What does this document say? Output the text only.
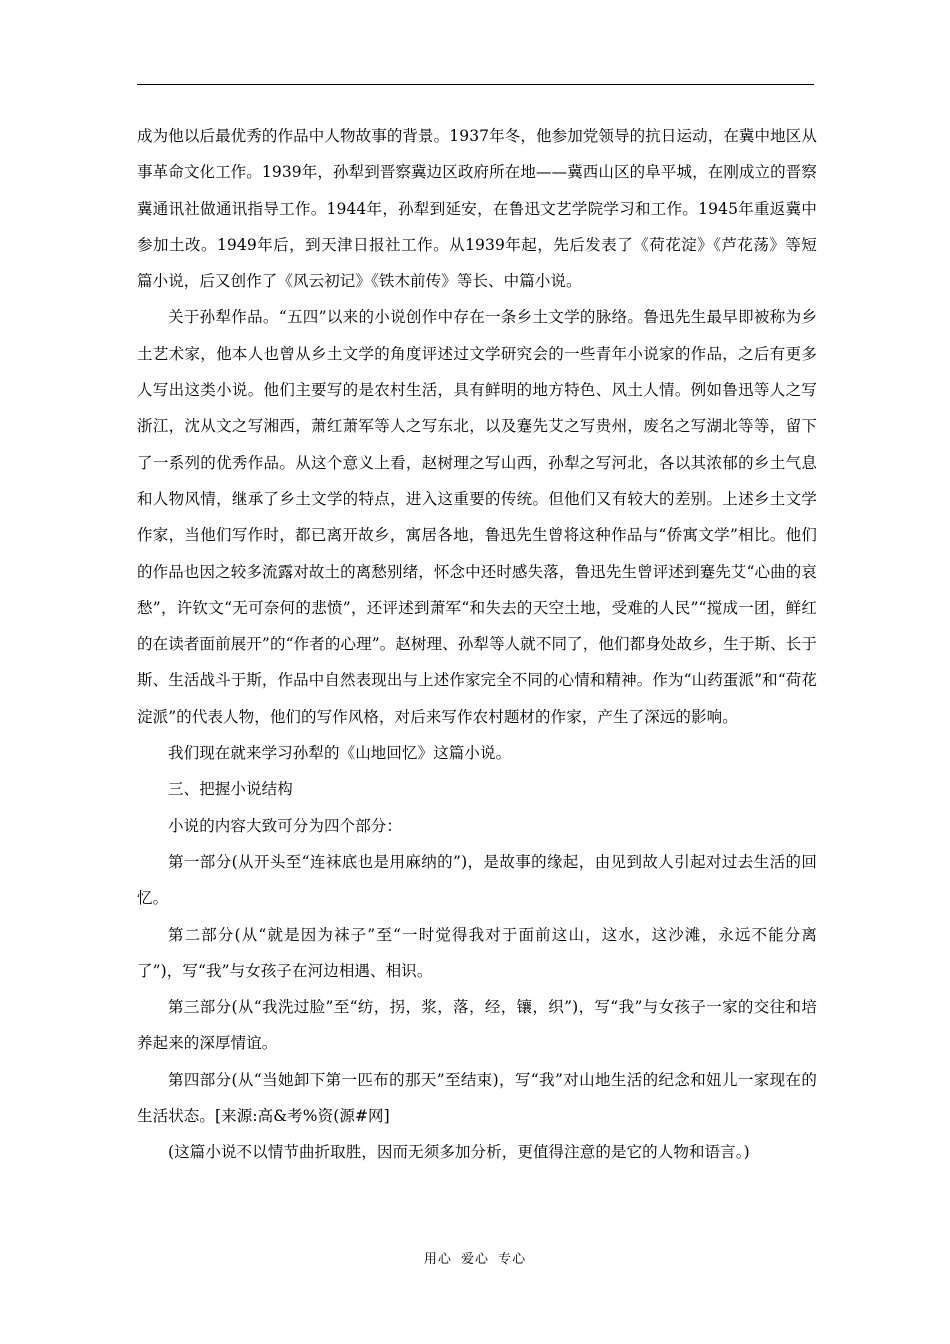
成为他以后最优秀的作品中人物故事的背景。1937年冬，他参加党领导的抗日运动，在冀中地区从事革命文化工作。1939年，孙犁到晋察冀边区政府所在地——冀西山区的阜平城，在刚成立的晋察冀通讯社做通讯指导工作。1944年，孙犁到延安，在鲁迅文艺学院学习和工作。1945年重返冀中参加土改。1949年后，到天津日报社工作。从1939年起，先后发表了《荷花淀》《芦花荡》等短篇小说，后又创作了《风云初记》《铁木前传》等长、中篇小说。

关于孙犁作品。“五四”以来的小说创作中存在一条乡土文学的脉络。鲁迅先生最早即被称为乡土艺术家，他本人也曾从乡土文学的角度评述过文学研究会的一些青年小说家的作品，之后有更多人写出这类小说。他们主要写的是农村生活，具有鲜明的地方特色、风土人情。例如鲁迅等人之写浙江，沈从文之写湘西，萧红萧军等人之写东北，以及蹇先艾之写贵州，废名之写湖北等等，留下了一系列的优秀作品。从这个意义上看，赵树理之写山西，孙犁之写河北，各以其浓郁的乡土气息和人物风情，继承了乡土文学的特点，进入这重要的传统。但他们又有较大的差别。上述乡土文学作家，当他们写作时，都已离开故乡，寓居各地，鲁迅先生曾将这种作品与“侨寓文学”相比。他们的作品也因之较多流露对故土的离愁别绪，怀念中还时感失落，鲁迅先生曾评述到蹇先艾“心曲的哀愁”，许钦文“无可奈何的悲愤”，还评述到萧军“和失去的天空土地，受难的人民”“搅成一团，鲜红的在读者面前展开”的“作者的心理”。赵树理、孙犁等人就不同了，他们都身处故乡，生于斯、长于斯、生活战斗于斯，作品中自然表现出与上述作家完全不同的心情和精神。作为“山药蛋派”和“荷花淀派”的代表人物，他们的写作风格，对后来写作农村题材的作家，产生了深远的影响。

我们现在就来学习孙犁的《山地回忆》这篇小说。

三、把握小说结构

小说的内容大致可分为四个部分：

第一部分(从开头至“连袜底也是用麻纳的”)，是故事的缘起，由见到故人引起对过去生活的回忆。

第二部分(从“就是因为袜子”至“一时觉得我对于面前这山，这水，这沙滩，永远不能分离了”)，写“我”与女孩子在河边相遇、相识。

第三部分(从“我洗过脸”至“纺，拐，浆，落，经，镶，织”)，写“我”与女孩子一家的交往和培养起来的深厚情谊。

第四部分(从“当她卸下第一匹布的那天”至结束)，写“我”对山地生活的纪念和妞儿一家现在的生活状态。[来源:高&考%资(源#网]

(这篇小说不以情节曲折取胜，因而无须多加分析，更值得注意的是它的人物和语言。)

用心 爱心 专心
